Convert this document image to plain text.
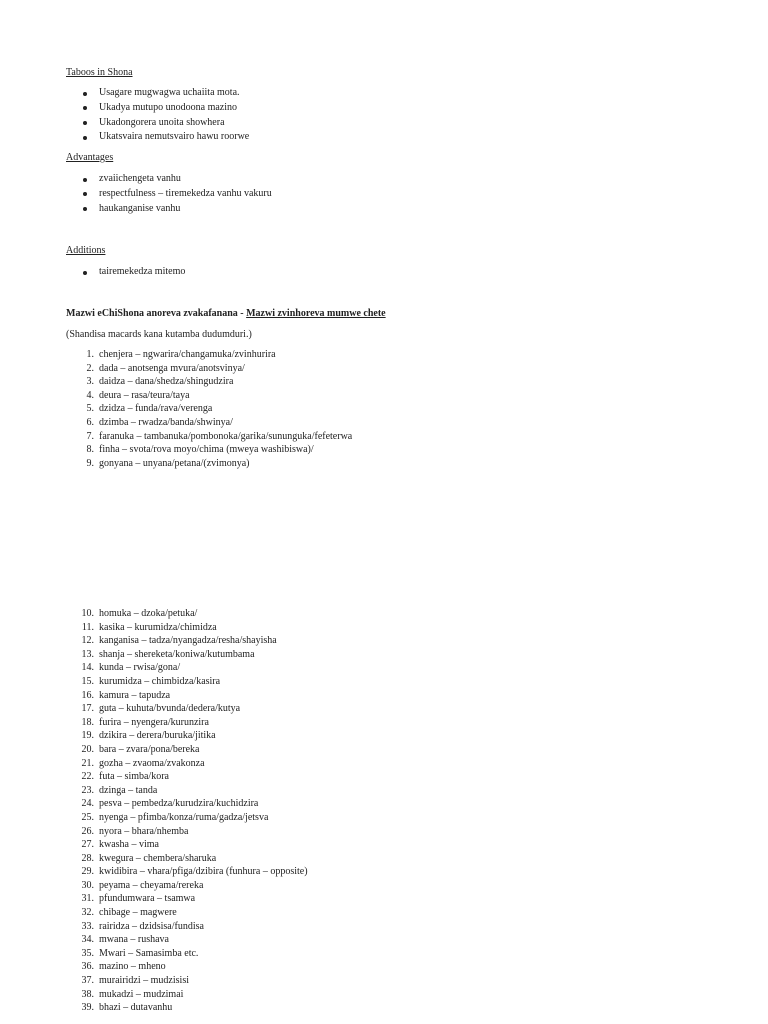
Taboos in Shona
Usagare mugwagwa uchaiita mota.
Ukadya mutupo unodoona mazino
Ukadongorera unoita showhera
Ukatsvaira nemutsvairo hawu roorwe
Advantages
zvaiichengeta vanhu
respectfulness – tiremekedza vanhu vakuru
haukanganise vanhu
Additions
tairemekedza mitemo
Mazwi eChiShona anoreva zvakafanana - Mazwi zvinhoreva mumwe chete
(Shandisa macards kana kutamba dudumduri.)
1. chenjera – ngwarira/changamuka/zvinhurira
2. dada – anotsenga mvura/anotsvinya/
3. daidza – dana/shedza/shingudzira
4. deura – rasa/teura/taya
5. dzidza – funda/rava/verenga
6. dzimba – rwadza/banda/shwinya/
7. faranuka – tambanuka/pombonoka/garika/sununguka/fefeterwa
8. finha – svota/rova moyo/chima (mweya washibiswa)/
9. gonyana – unyana/petana/(zvimonya)
10. homuka – dzoka/petuka/
11. kasika – kurumidza/chimidza
12. kanganisa – tadza/nyangadza/resha/shayisha
13. shanja – shereketa/koniwa/kutumbama
14. kunda – rwisa/gona/
15. kurumidza – chimbidza/kasira
16. kamura – tapudza
17. guta – kuhuta/bvunda/dedera/kutya
18. furira – nyengera/kurunzira
19. dzikira – derera/buruka/jitika
20. bara – zvara/pona/bereka
21. gozha – zvaoma/zvakonza
22. futa – simba/kora
23. dzinga – tanda
24. pesva – pembedza/kurudzira/kuchidzira
25. nyenga – pfimba/konza/ruma/gadza/jetsva
26. nyora – bhara/nhemba
27. kwasha – vima
28. kwegura – chembera/sharuka
29. kwidibira – vhara/pfiga/dzibira (funhura – opposite)
30. peyama – cheyama/rereka
31. pfundumwara – tsamwa
32. chibage – magwere
33. rairidza – dzidsisa/fundisa
34. mwana – rushava
35. Mwari – Samasimba etc.
36. mazino – mheno
37. murairidzi – mudzisisi
38. mukadzi – mudzimai
39. bhazi – dutavanhu
